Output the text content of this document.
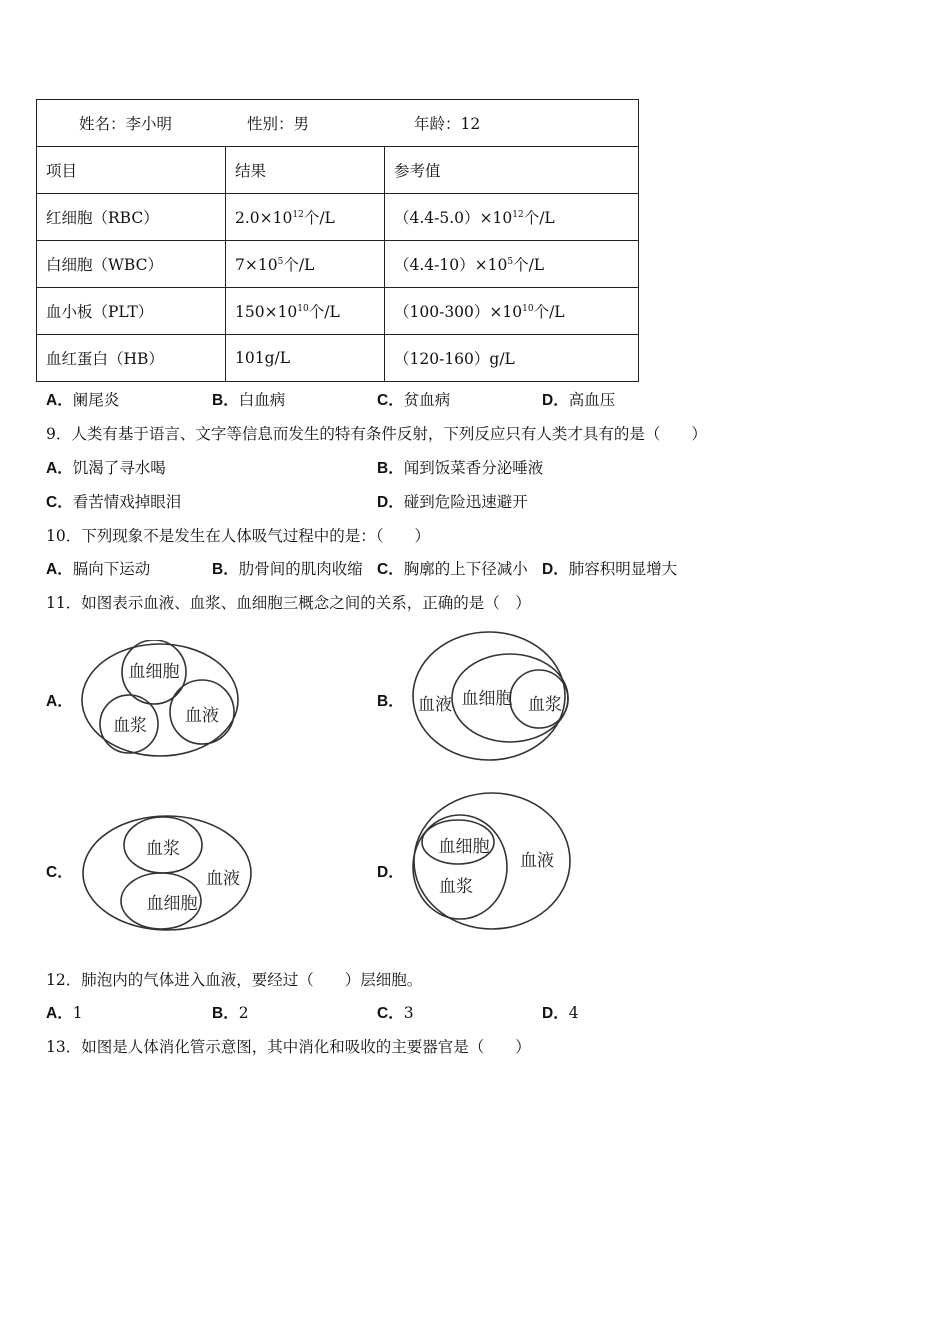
姓名：李小明 性别：男 年龄：12		
项目	结果	参考值
红细胞（RBC）	$2.0\times 10^{12}$个/L	$(4.4-5.0)\times 10^{12}$个/L
白细胞（WBC）	$7\times 10^5$个/L	$(4.4-10)\times 10^5$个/L
血小板（PLT）	$150\times 10^{10}$个/L	$(100-300)\times 10^{10}$个/L
血红蛋白（HB）	101g/L	（120-160）g/L
A．阑尾炎	B．白血病	C．贫血病	D．高血压
9．人类有基于语言、文字等信息而发生的特有条件反射，下列反应只有人类才具有的是（　　）
A．饥渴了寻水喝	B．闻到饭菜香分泌唾液
C．看苦情戏掉眼泪	D．碰到危险迅速避开
10．下列现象不是发生在人体吸气过程中的是：（　　）
A．膈向下运动	B．肋骨间的肌肉收缩 C．胸廓的上下径减小 D．肺容积明显增大
11．如图表示血液、血浆、血细胞三概念之间的关系，正确的是（　）
A．
血细胞
血浆 血液
B． 血液 血细胞 血浆
C．
血浆
血细胞
血液	D．
血细胞
血浆
血液
12．肺泡内的气体进入血液，要经过（　　）层细胞。
A．1	B．2	C．3	D．4
13．如图是人体消化管示意图，其中消化和吸收的主要器官是（　　）
